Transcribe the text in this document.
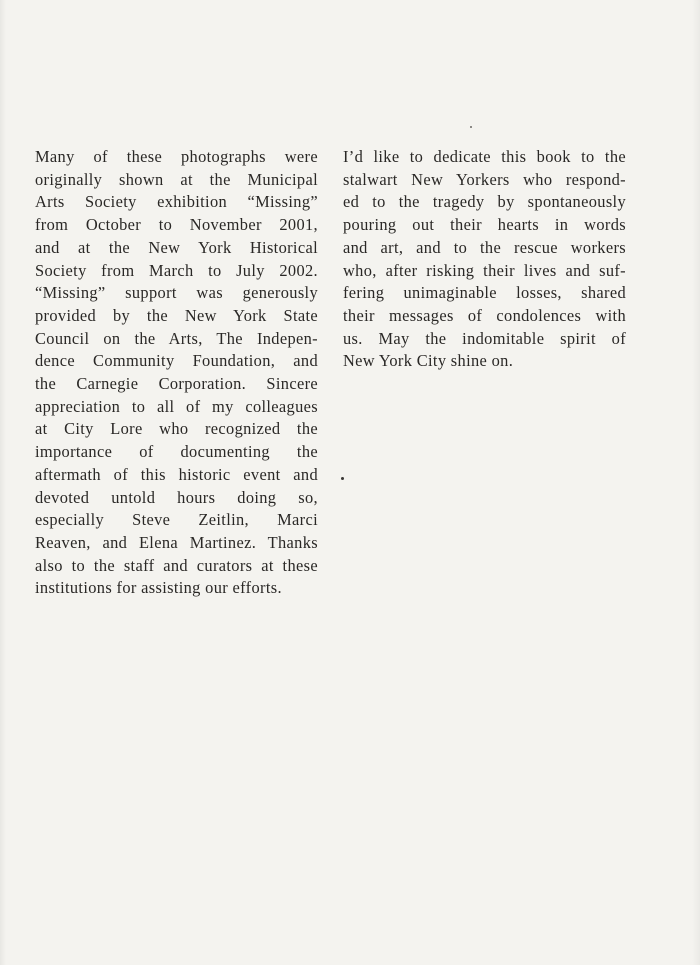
Many of these photographs were
originally shown at the Municipal
Arts Society exhibition “Missing”
from October to November 2001,
and at the New York Historical
Society from March to July 2002.
“Missing” support was generously
provided by the New York State
Council on the Arts, The Indepen-
dence Community Foundation, and
the Carnegie Corporation. Sincere
appreciation to all of my colleagues
at City Lore who recognized the
importance of documenting the
aftermath of this historic event and
devoted untold hours doing so,
especially Steve Zeitlin, Marci
Reaven, and Elena Martinez. Thanks
also to the staff and curators at these
institutions for assisting our efforts.
I’d like to dedicate this book to the
stalwart New Yorkers who respond-
ed to the tragedy by spontaneously
pouring out their hearts in words
and art, and to the rescue workers
who, after risking their lives and suf-
fering unimaginable losses, shared
their messages of condolences with
us. May the indomitable spirit of
New York City shine on.
